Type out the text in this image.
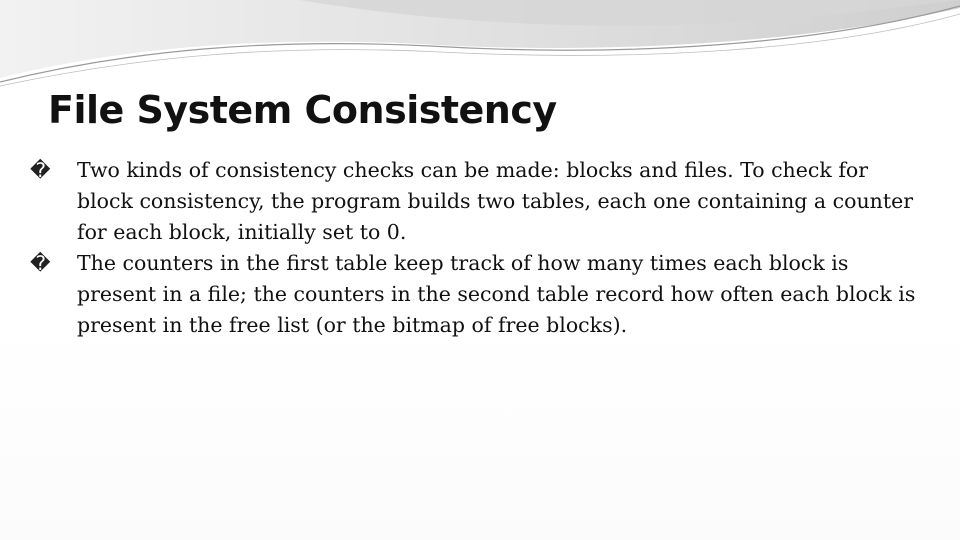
File System Consistency

� Two kinds of consistency checks can be made: blocks and files. To check for block consistency, the program builds two tables, each one containing a counter for each block, initially set to 0.

� The counters in the first table keep track of how many times each block is present in a file; the counters in the second table record how often each block is present in the free list (or the bitmap of free blocks).
